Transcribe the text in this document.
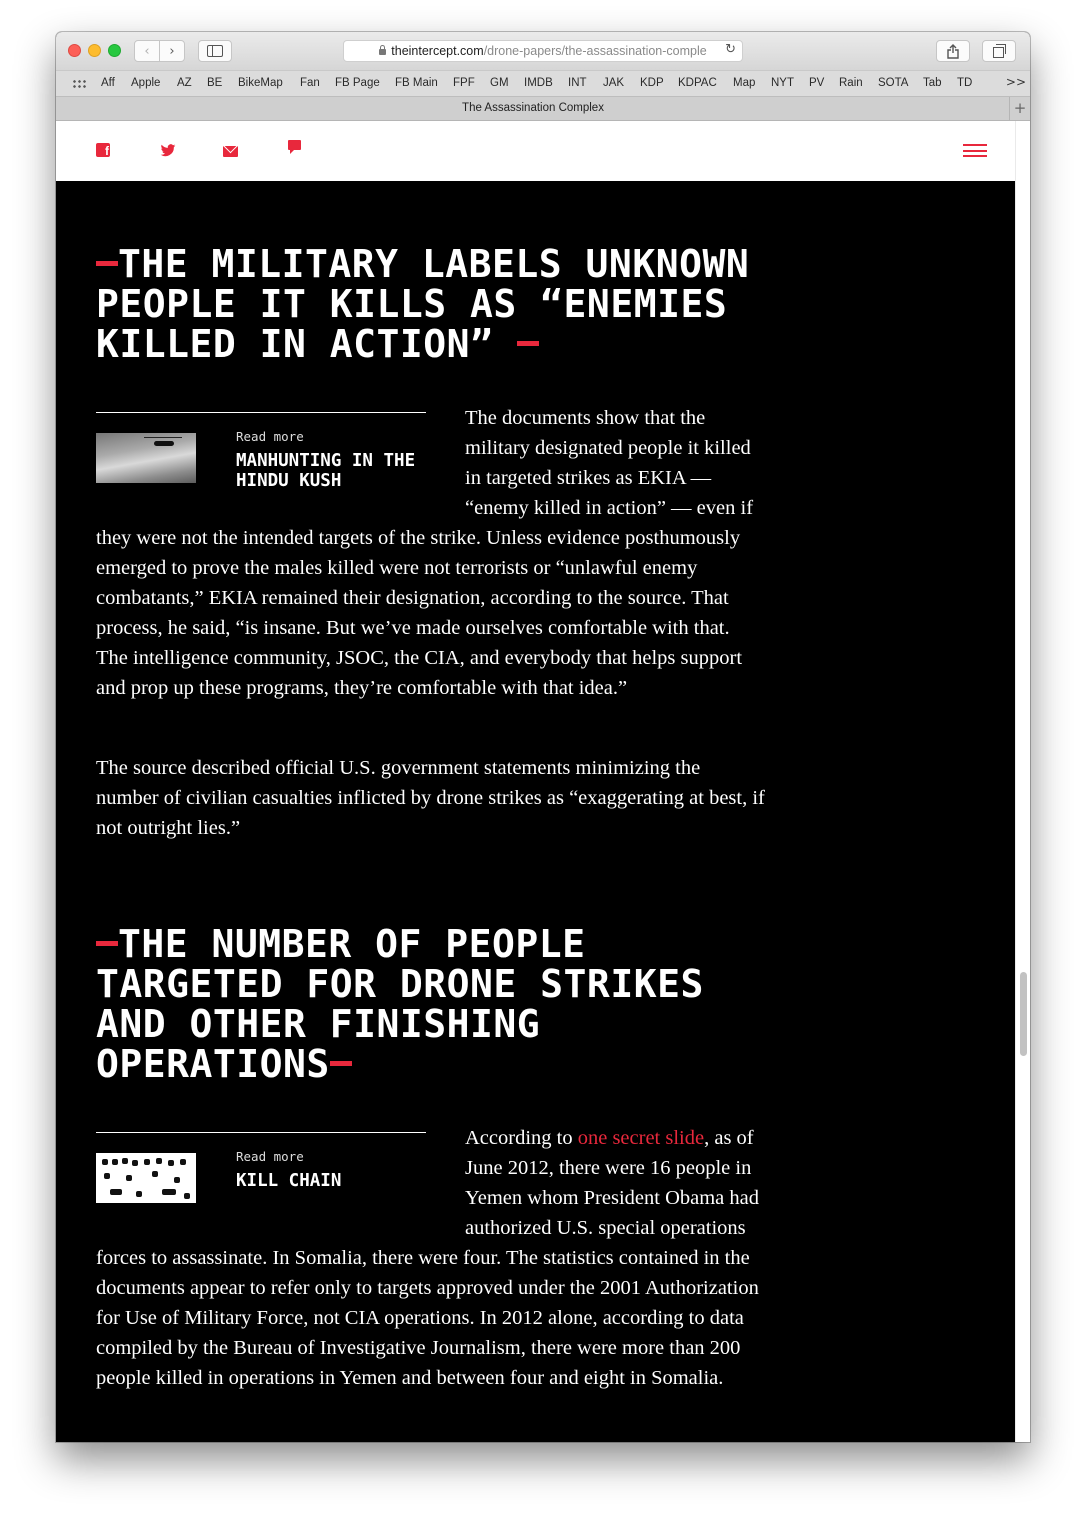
‹ ›	theintercept.com /drone-papers/the-assassination-comple ↻
Aff Apple AZ BE BikeMap Fan FB Page FB Main FPF GM IMDB INT JAK KDP KDPAC Map NYT PV Rain SOTA Tab TD	>>
The Assassination Complex	+
f
THE MILITARY LABELS UNKNOWN PEOPLE IT KILLS AS “ENEMIES KILLED IN ACTION”
Read more
MANHUNTING IN THE HINDU KUSH

The documents show that the military designated people it killed in targeted strikes as EKIA — “enemy killed in action” — even if

they were not the intended targets of the strike. Unless evidence posthumously emerged to prove the males killed were not terrorists or “unlawful enemy combatants,” EKIA remained their designation, according to the source. That process, he said, “is insane. But we’ve made ourselves comfortable with that. The intelligence community, JSOC, the CIA, and everybody that helps support and prop up these programs, they’re comfortable with that idea.”

The source described official U.S. government statements minimizing the number of civilian casualties inflicted by drone strikes as “exaggerating at best, if not outright lies.”

THE NUMBER OF PEOPLE TARGETED FOR DRONE STRIKES AND OTHER FINISHING OPERATIONS
Read more
KILL CHAIN

According to one secret slide, as of June 2012, there were 16 people in Yemen whom President Obama had authorized U.S. special operations

forces to assassinate. In Somalia, there were four. The statistics contained in the documents appear to refer only to targets approved under the 2001 Authorization for Use of Military Force, not CIA operations. In 2012 alone, according to data compiled by the Bureau of Investigative Journalism, there were more than 200 people killed in operations in Yemen and between four and eight in Somalia.
